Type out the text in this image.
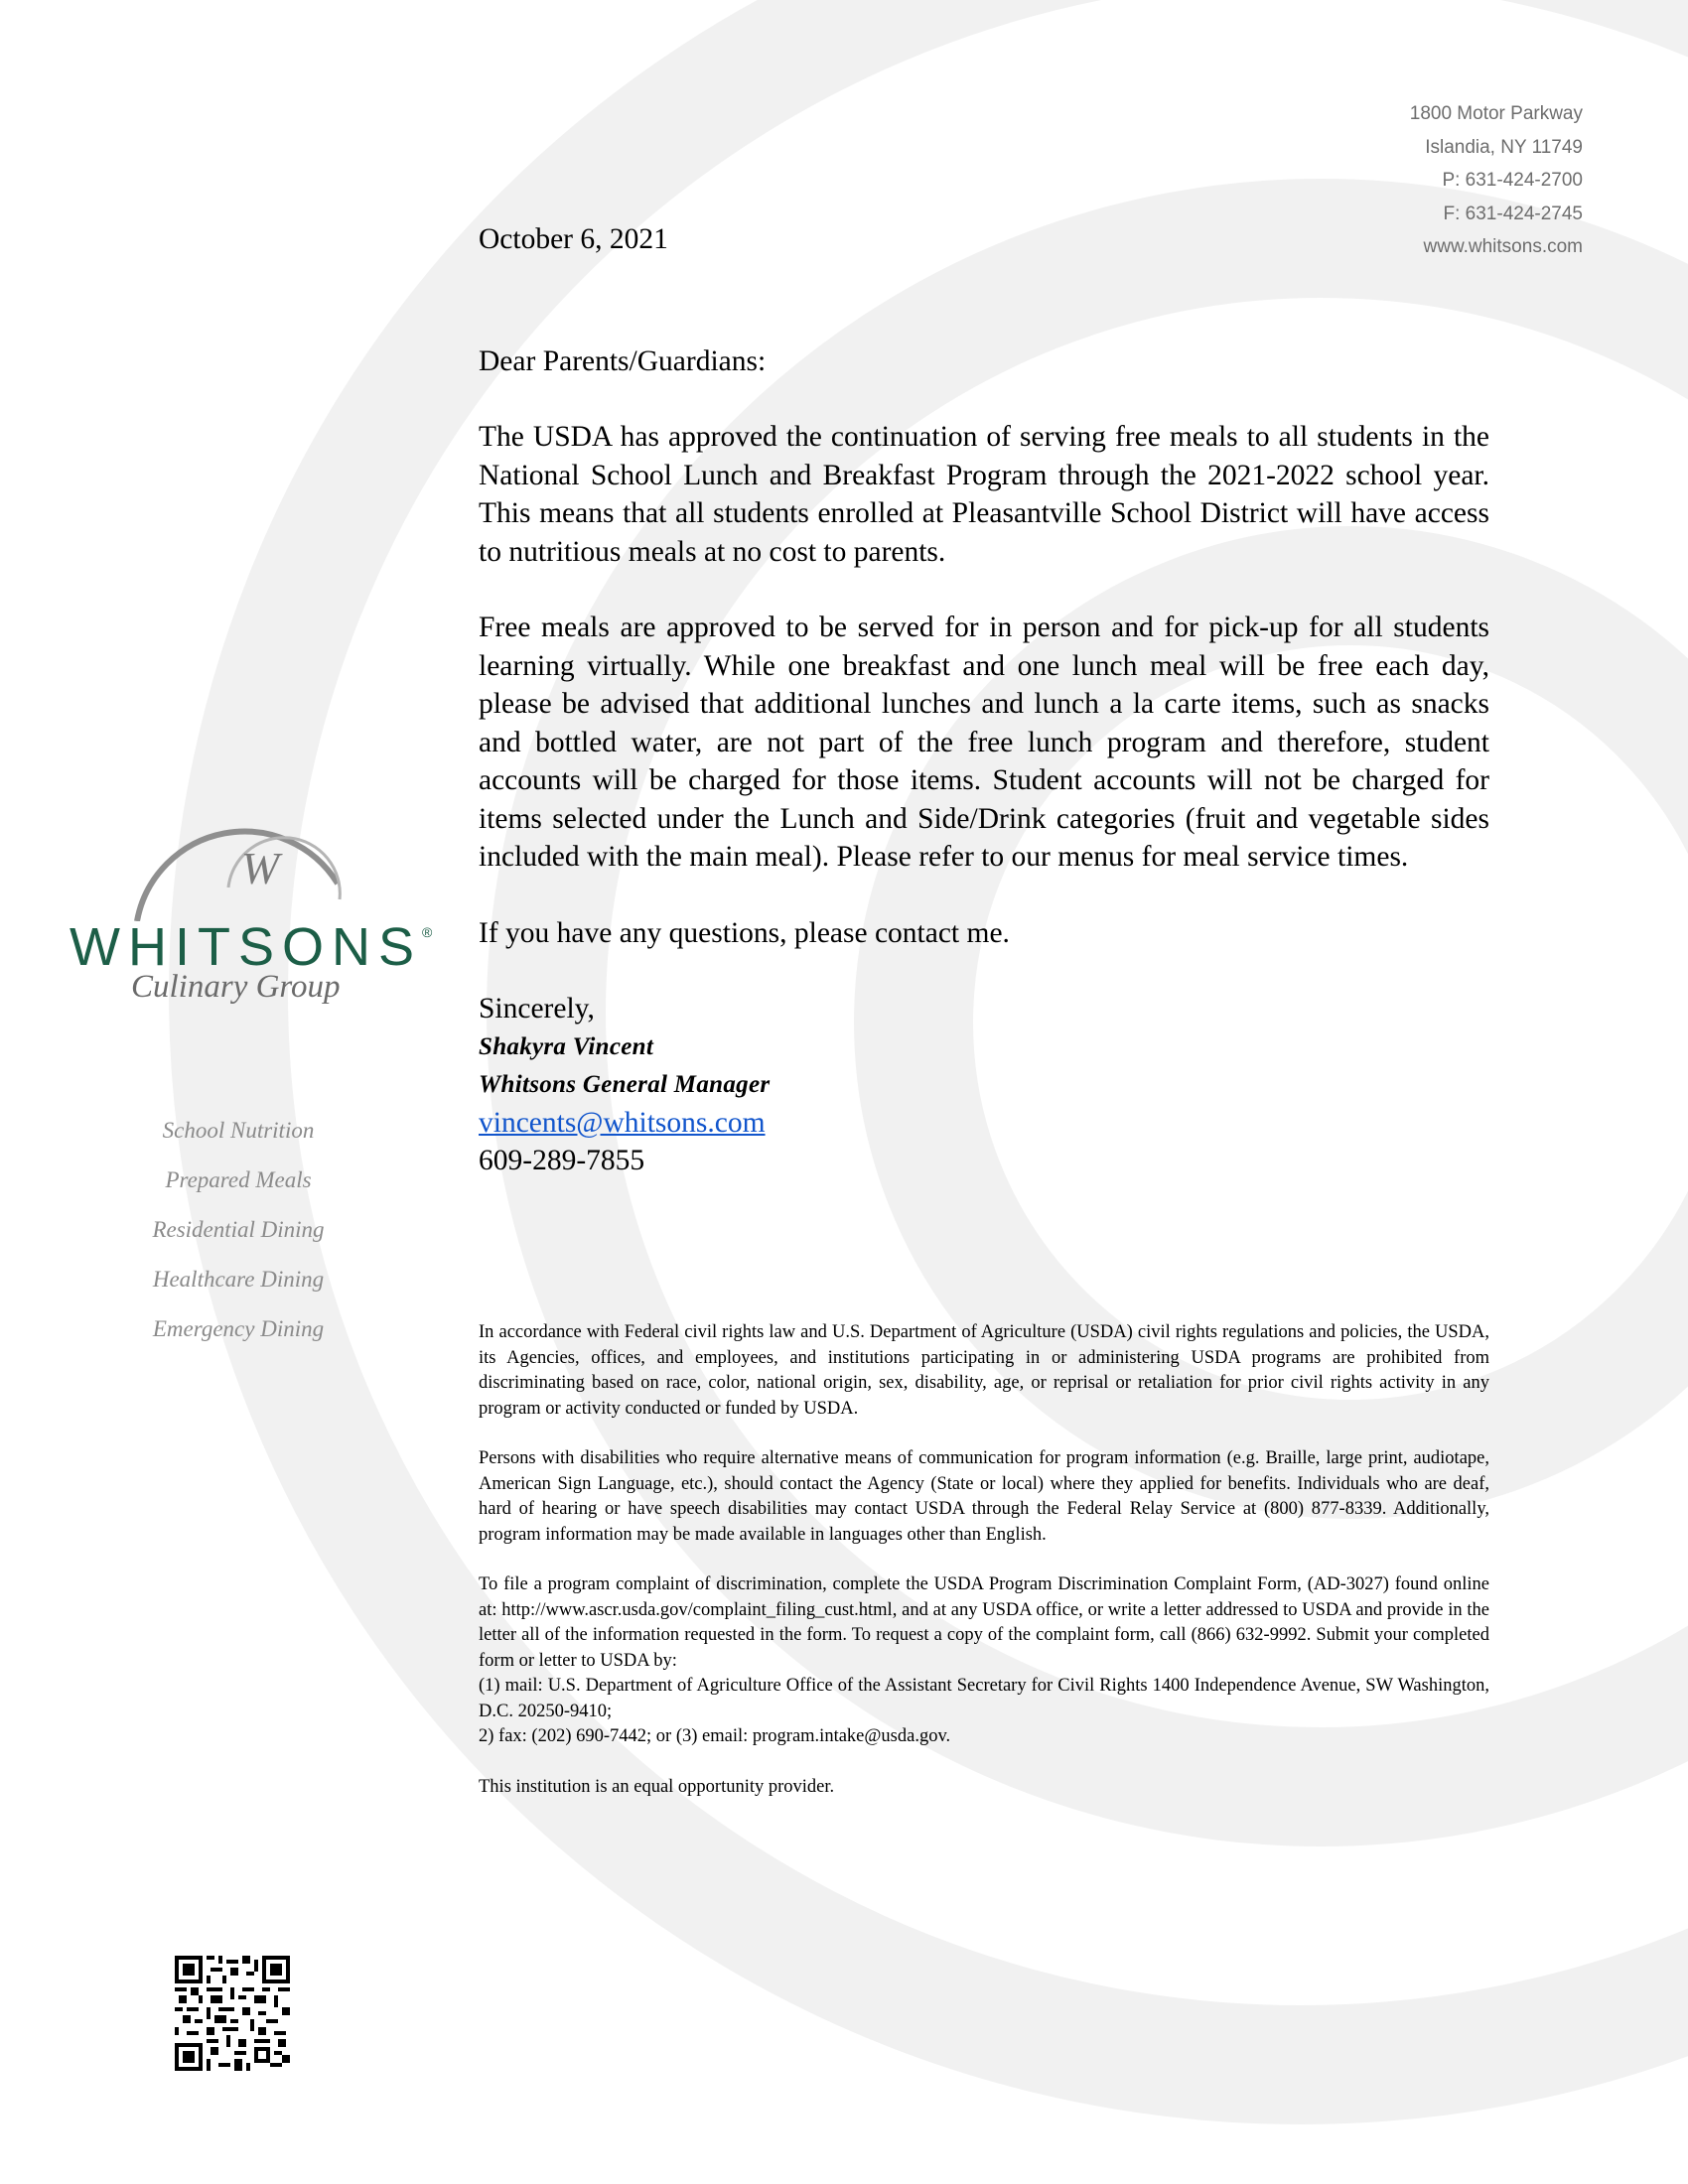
1800 Motor Parkway
Islandia, NY 11749
P: 631-424-2700
F: 631-424-2745
www.whitsons.com
W
WHITSONS®
Culinary Group
School Nutrition
Prepared Meals
Residential Dining
Healthcare Dining
Emergency Dining

October 6, 2021

Dear Parents/Guardians:

The USDA has approved the continuation of serving free meals to all students in the National School Lunch and Breakfast Program through the 2021-2022 school year. This means that all students enrolled at Pleasantville School District will have access to nutritious meals at no cost to parents.

Free meals are approved to be served for in person and for pick-up for all students learning virtually. While one breakfast and one lunch meal will be free each day, please be advised that additional lunches and lunch a la carte items, such as snacks and bottled water, are not part of the free lunch program and therefore, student accounts will be charged for those items. Student accounts will not be charged for items selected under the Lunch and Side/Drink categories (fruit and vegetable sides included with the main meal). Please refer to our menus for meal service times.

If you have any questions, please contact me.

Sincerely,

Shakyra Vincent

Whitsons General Manager

vincents@whitsons.com

609-289-7855

In accordance with Federal civil rights law and U.S. Department of Agriculture (USDA) civil rights regulations and policies, the USDA, its Agencies, offices, and employees, and institutions participating in or administering USDA programs are prohibited from discriminating based on race, color, national origin, sex, disability, age, or reprisal or retaliation for prior civil rights activity in any program or activity conducted or funded by USDA.

Persons with disabilities who require alternative means of communication for program information (e.g. Braille, large print, audiotape, American Sign Language, etc.), should contact the Agency (State or local) where they applied for benefits. Individuals who are deaf, hard of hearing or have speech disabilities may contact USDA through the Federal Relay Service at (800) 877-8339. Additionally, program information may be made available in languages other than English.

To file a program complaint of discrimination, complete the USDA Program Discrimination Complaint Form, (AD-3027) found online at: http://www.ascr.usda.gov/complaint_filing_cust.html, and at any USDA office, or write a letter addressed to USDA and provide in the letter all of the information requested in the form. To request a copy of the complaint form, call (866) 632-9992. Submit your completed form or letter to USDA by:

(1) mail: U.S. Department of Agriculture Office of the Assistant Secretary for Civil Rights 1400 Independence Avenue, SW Washington, D.C. 20250-9410;

2) fax: (202) 690-7442; or (3) email: program.intake@usda.gov.

This institution is an equal opportunity provider.
